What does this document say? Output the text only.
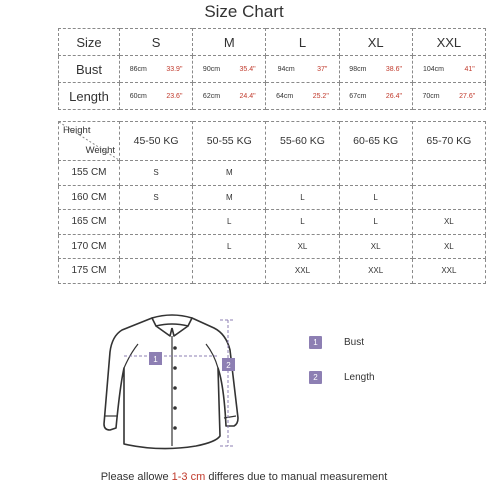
Size Chart
Size	S	M	L	XL	XXL
Bust	86cm 33.9"	90cm 35.4"	94cm 37"	98cm 38.6"	104cm 41"

Length	60cm 23.6"	62cm 24.4"	64cm 25.2"	67cm 26.4"	70cm 27.6"
Height
Weight	45-50 KG	50-55 KG	55-60 KG	60-65 KG	65-70 KG
155 CM	S	M			
160 CM	S	M	L	L	
165 CM		L	L	L	XL
170 CM		L	XL	XL	XL
175 CM			XXL	XXL	XXL
1
2
1	Bust
2	Length
Please allowe 1-3 cm differes due to manual measurement
